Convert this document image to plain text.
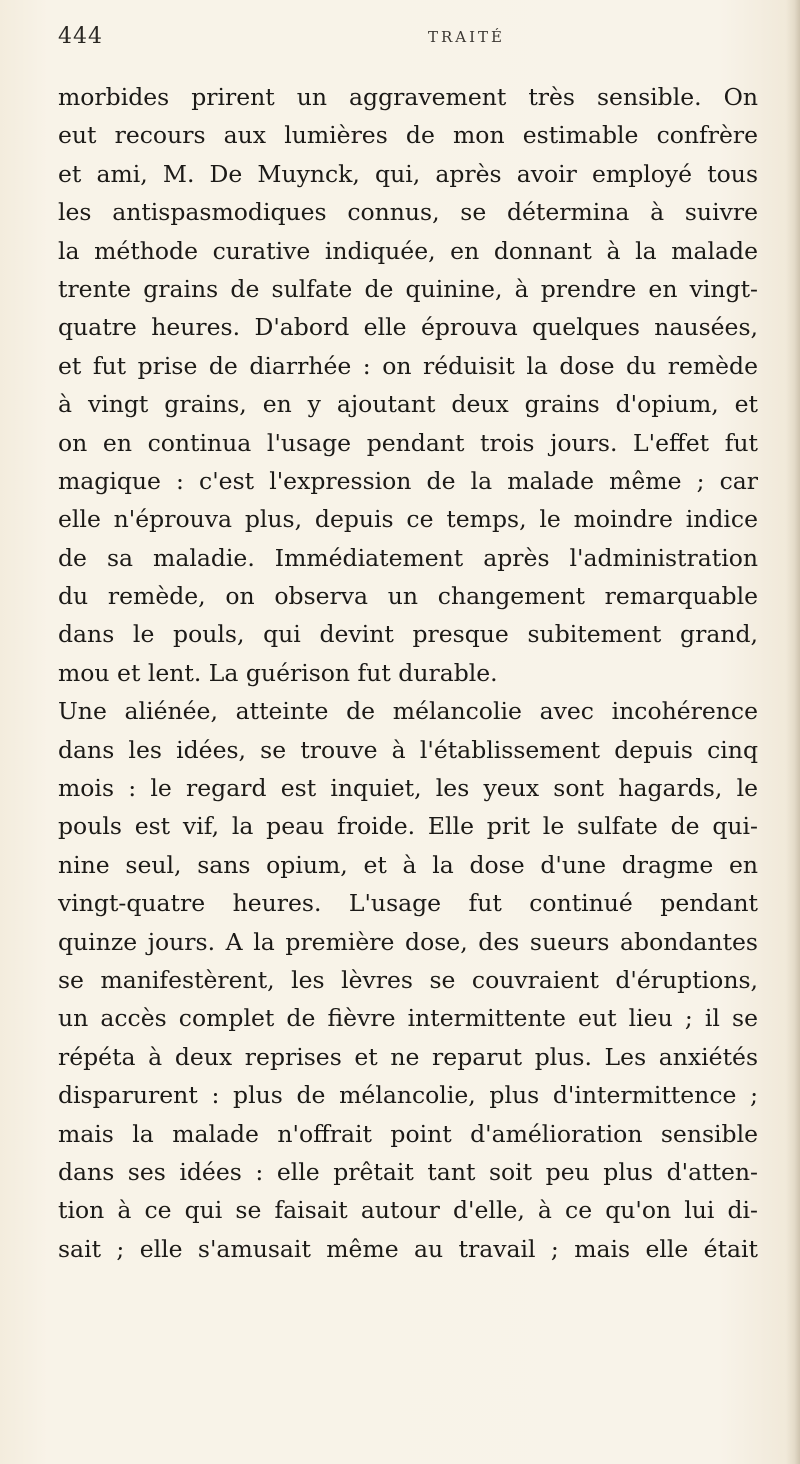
444	TRAITÉ
morbides prirent un aggravement très sensible. On
eut recours aux lumières de mon estimable confrère
et ami, M. De Muynck, qui, après avoir employé tous
les antispasmodiques connus, se détermina à suivre
la méthode curative indiquée, en donnant à la malade
trente grains de sulfate de quinine, à prendre en vingt-
quatre heures. D'abord elle éprouva quelques nausées,
et fut prise de diarrhée : on réduisit la dose du remède
à vingt grains, en y ajoutant deux grains d'opium, et
on en continua l'usage pendant trois jours. L'effet fut
magique : c'est l'expression de la malade même ; car
elle n'éprouva plus, depuis ce temps, le moindre indice
de sa maladie. Immédiatement après l'administration
du remède, on observa un changement remarquable
dans le pouls, qui devint presque subitement grand,
mou et lent. La guérison fut durable.
Une aliénée, atteinte de mélancolie avec incohérence
dans les idées, se trouve à l'établissement depuis cinq
mois : le regard est inquiet, les yeux sont hagards, le
pouls est vif, la peau froide. Elle prit le sulfate de qui-
nine seul, sans opium, et à la dose d'une dragme en
vingt-quatre heures. L'usage fut continué pendant
quinze jours. A la première dose, des sueurs abondantes
se manifestèrent, les lèvres se couvraient d'éruptions,
un accès complet de fièvre intermittente eut lieu ; il se
répéta à deux reprises et ne reparut plus. Les anxiétés
disparurent : plus de mélancolie, plus d'intermittence ;
mais la malade n'offrait point d'amélioration sensible
dans ses idées : elle prêtait tant soit peu plus d'atten-
tion à ce qui se faisait autour d'elle, à ce qu'on lui di-
sait ; elle s'amusait même au travail ; mais elle était
